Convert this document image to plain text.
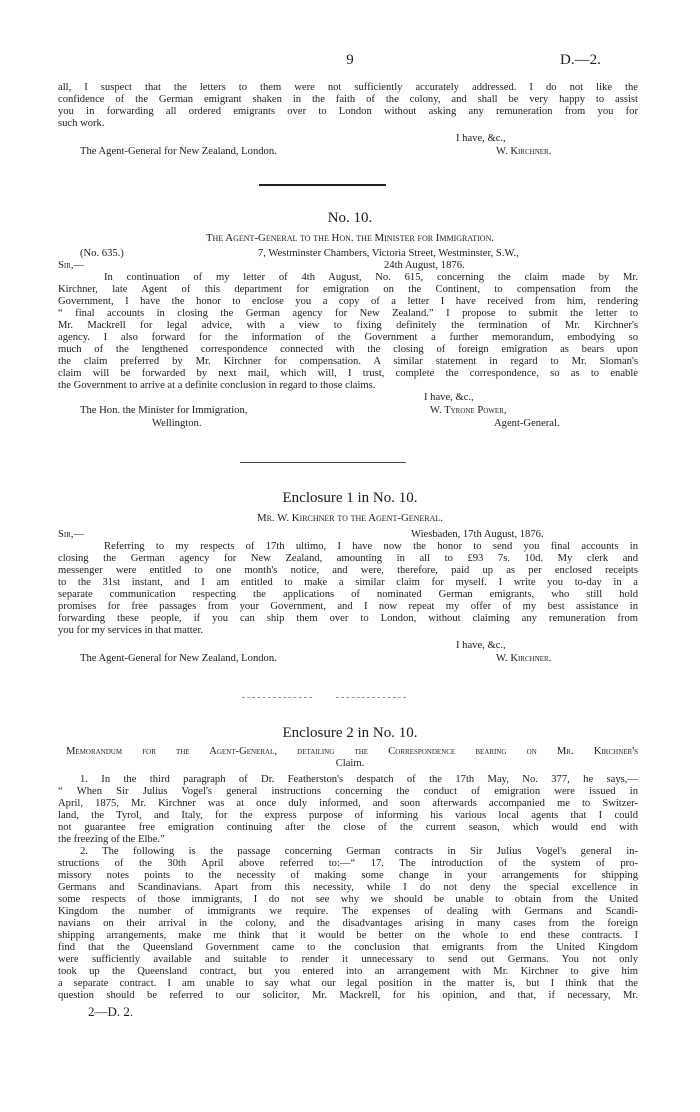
9	D.—2.
all, I suspect that the letters to them were not sufficiently accurately addressed. I do not like the
confidence of the German emigrant shaken in the faith of the colony, and shall be very happy to assist
you in forwarding all ordered emigrants over to London without asking any remuneration from you for
such work.
I have, &c.,
The Agent-General for New Zealand, London.	W. Kirchner.
No. 10.
The Agent-General to the Hon. the Minister for Immigration.
(No. 635.)	7, Westminster Chambers, Victoria Street, Westminster, S.W.,
Sir,—	24th August, 1876.
In continuation of my letter of 4th August, No. 615, concerning the claim made by Mr.
Kirchner, late Agent of this department for emigration on the Continent, to compensation from the
Government, I have the honor to enclose you a copy of a letter I have received from him, rendering
“ final accounts in closing the German agency for New Zealand.” I propose to submit the letter to
Mr. Mackrell for legal advice, with a view to fixing definitely the termination of Mr. Kirchner's
agency. I also forward for the information of the Government a further memorandum, embodying so
much of the lengthened correspondence connected with the closing of foreign emigration as bears upon
the claim preferred by Mr. Kirchner for compensation. A similar statement in regard to Mr. Sloman's
claim will be forwarded by next mail, which will, I trust, complete the correspondence, so as to enable
the Government to arrive at a definite conclusion in regard to those claims.
I have, &c.,
The Hon. the Minister for Immigration,
Wellington.
W. Tyrone Power,
Agent-General.
Enclosure 1 in No. 10.
Mr. W. Kirchner to the Agent-General.
Sir,—	Wiesbaden, 17th August, 1876.
Referring to my respects of 17th ultimo, I have now the honor to send you final accounts in
closing the German agency for New Zealand, amounting in all to £93 7s. 10d. My clerk and
messenger were entitled to one month's notice, and were, therefore, paid up as per enclosed receipts
to the 31st instant, and I am entitled to make a similar claim for myself. I write you to-day in a
separate communication respecting the applications of nominated German emigrants, who still hold
promises for free passages from your Government, and I now repeat my offer of my best assistance in
forwarding these people, if you can ship them over to London, without claiming any remuneration from
you for my services in that matter.
I have, &c.,
The Agent-General for New Zealand, London.	W. Kirchner.
Enclosure 2 in No. 10.
Memorandum for the Agent-General, detailing the Correspondence bearing on Mr. Kirchner's
Claim.
1. In the third paragraph of Dr. Featherston's despatch of the 17th May, No. 377, he says,—
“ When Sir Julius Vogel's general instructions concerning the conduct of emigration were issued in
April, 1875, Mr. Kirchner was at once duly informed, and soon afterwards accompanied me to Switzer-
land, the Tyrol, and Italy, for the express purpose of informing his various local agents that I could
not guarantee free emigration continuing after the close of the current season, which would end with
the freezing of the Elbe.”
2. The following is the passage concerning German contracts in Sir Julius Vogel's general in-
structions of the 30th April above referred to:—“ 17. The introduction of the system of pro-
missory notes points to the necessity of making some change in your arrangements for shipping
Germans and Scandinavians. Apart from this necessity, while I do not deny the special excellence in
some respects of those immigrants, I do not see why we should be unable to obtain from the United
Kingdom the number of immigrants we require. The expenses of dealing with Germans and Scandi-
navians on their arrival in the colony, and the disadvantages arising in many cases from the foreign
shipping arrangements, make me think that it would be better on the whole to end these contracts. I
find that the Queensland Government came to the conclusion that emigrants from the United Kingdom
were sufficiently available and suitable to render it unnecessary to send out Germans. You not only
took up the Queensland contract, but you entered into an arrangement with Mr. Kirchner to give him
a separate contract. I am unable to say what our legal position in the matter is, but I think that the
question should be referred to our solicitor, Mr. Mackrell, for his opinion, and that, if necessary, Mr.
2—D. 2.
